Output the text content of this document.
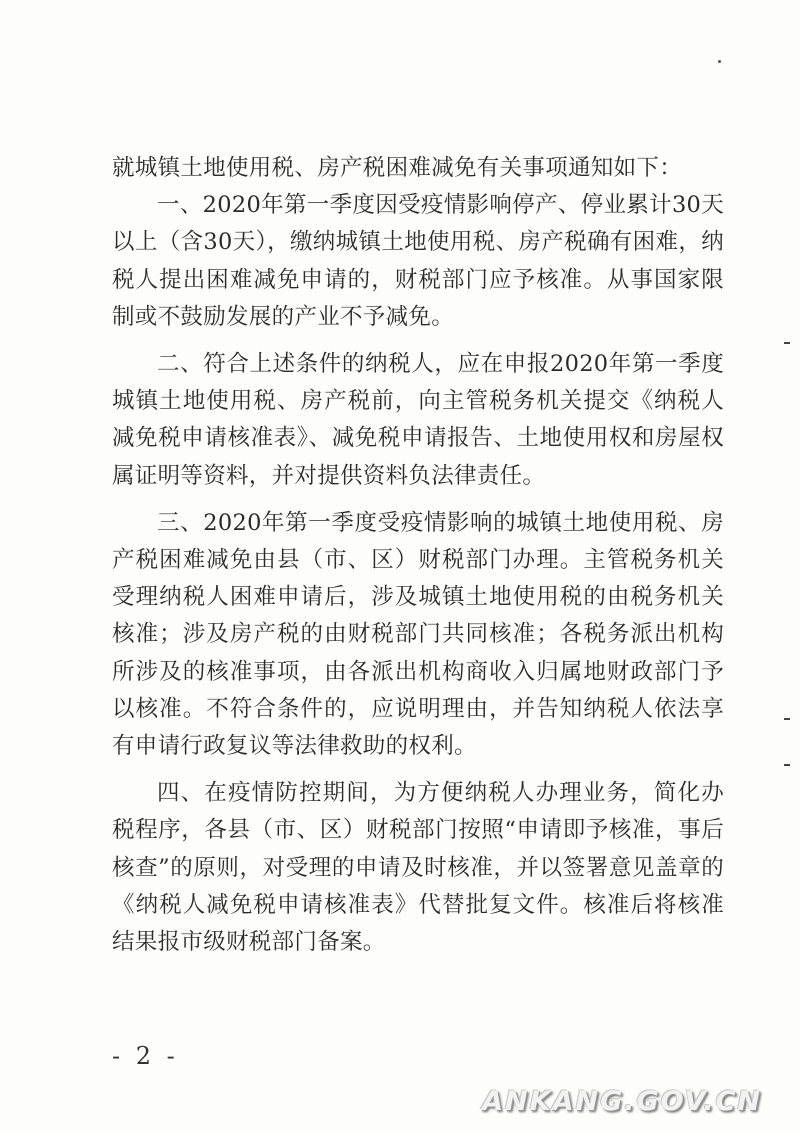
就城镇土地使用税、房产税困难减免有关事项通知如下：

一、2020年第一季度因受疫情影响停产、停业累计30天以上（含30天），缴纳城镇土地使用税、房产税确有困难，纳税人提出困难减免申请的，财税部门应予核准。从事国家限制或不鼓励发展的产业不予减免。

二、符合上述条件的纳税人，应在申报2020年第一季度城镇土地使用税、房产税前，向主管税务机关提交《纳税人减免税申请核准表》、减免税申请报告、土地使用权和房屋权属证明等资料，并对提供资料负法律责任。

三、2020年第一季度受疫情影响的城镇土地使用税、房产税困难减免由县（市、区）财税部门办理。主管税务机关受理纳税人困难申请后，涉及城镇土地使用税的由税务机关核准；涉及房产税的由财税部门共同核准；各税务派出机构所涉及的核准事项，由各派出机构商收入归属地财政部门予以核准。不符合条件的，应说明理由，并告知纳税人依法享有申请行政复议等法律救助的权利。

四、在疫情防控期间，为方便纳税人办理业务，简化办税程序，各县（市、区）财税部门按照“申请即予核准，事后核查”的原则，对受理的申请及时核准，并以签署意见盖章的《纳税人减免税申请核准表》代替批复文件。核准后将核准结果报市级财税部门备案。

- 2 -
ANKANG.GOV.CN
